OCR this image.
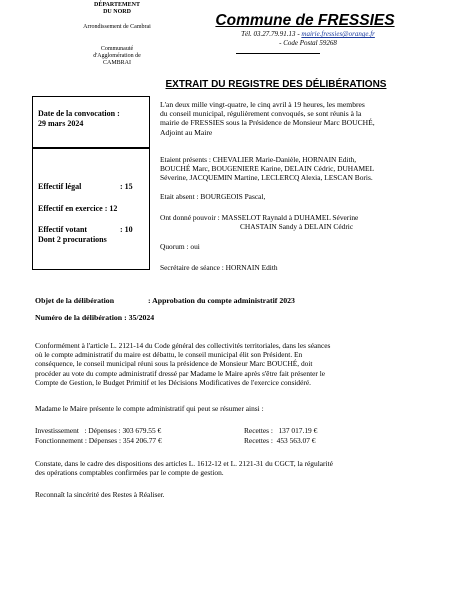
DÉPARTEMENT
DU NORD
Arrondissement de Cambrai
Communauté
d'Agglomération de
CAMBRAI
Commune de FRESSIES
Tél. 03.27.79.91.13 - mairie.fressies@orange.fr
- Code Postal 59268
EXTRAIT DU REGISTRE DES DÉLIBÉRATIONS
Date de la convocation :
29 mars 2024
Effectif légal	: 15
Effectif en exercice : 12
Effectif votant	: 10
Dont 2 procurations
L'an deux mille vingt-quatre, le cinq avril à 19 heures, les membres
du conseil municipal, régulièrement convoqués, se sont réunis à la
mairie de FRESSIES sous la Présidence de Monsieur Marc BOUCHÉ,
Adjoint au Maire
Etaient présents : CHEVALIER Marie-Danièle, HORNAIN Edith,
BOUCHÉ Marc, BOUGENIERE Karine, DELAIN Cédric, DUHAMEL
Séverine, JACQUEMIN Martine, LECLERCQ Alexia, LESCAN Boris.
Etait absent : BOURGEOIS Pascal,
Ont donné pouvoir : MASSELOT Raynald à DUHAMEL Séverine
CHASTAIN Sandy à DELAIN Cédric
Quorum : oui
Secrétaire de séance : HORNAIN Edith
Objet de la délibération	: Approbation du compte administratif 2023
Numéro de la délibération : 35/2024
Conformément à l'article L. 2121-14 du Code général des collectivités territoriales, dans les séances
où le compte administratif du maire est débattu, le conseil municipal élit son Président. En
conséquence, le conseil municipal réuni sous la présidence de Monsieur Marc BOUCHÉ, doit
procéder au vote du compte administratif dressé par Madame le Maire après s'être fait présenter le
Compte de Gestion, le Budget Primitif et les Décisions Modificatives de l'exercice considéré.
Madame le Maire présente le compte administratif qui peut se résumer ainsi :
Investissement   : Dépenses : 303 679.55 €	Recettes :   137 017.19 €
Fonctionnement : Dépenses : 354 206.77 €	Recettes :  453 563.07 €
Constate, dans le cadre des dispositions des articles L. 1612-12 et L. 2121-31 du CGCT, la régularité
des opérations comptables confirmées par le compte de gestion.
Reconnaît la sincérité des Restes à Réaliser.
